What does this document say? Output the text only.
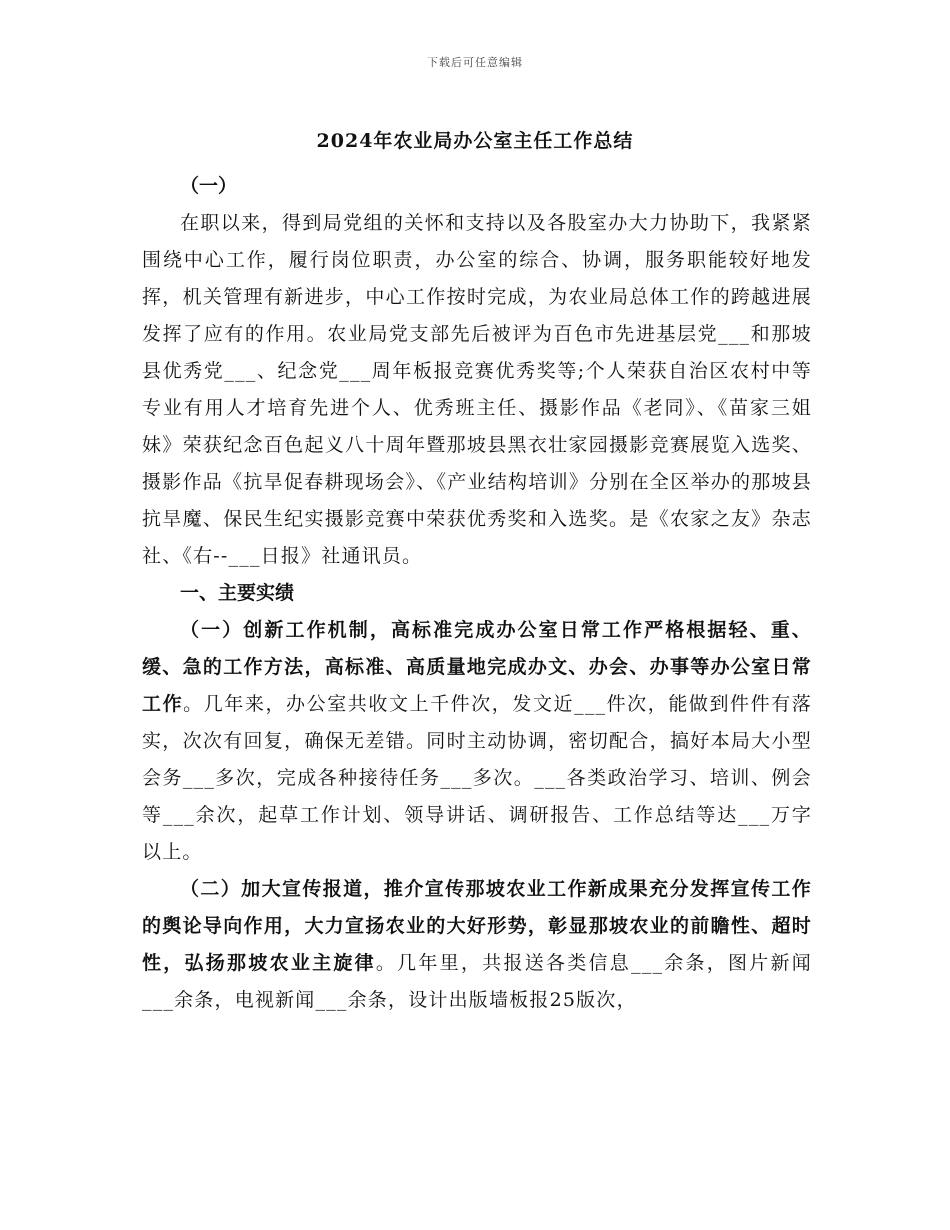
下载后可任意编辑
2024年农业局办公室主任工作总结

（一）

在职以来，得到局党组的关怀和支持以及各股室办大力协助下，我紧紧围绕中心工作，履行岗位职责，办公室的综合、协调，服务职能较好地发挥，机关管理有新进步，中心工作按时完成，为农业局总体工作的跨越进展发挥了应有的作用。农业局党支部先后被评为百色市先进基层党___和那坡县优秀党___、纪念党___周年板报竞赛优秀奖等;个人荣获自治区农村中等专业有用人才培育先进个人、优秀班主任、摄影作品《老同》、《苗家三姐妹》荣获纪念百色起义八十周年暨那坡县黑衣壮家园摄影竞赛展览入选奖、摄影作品《抗旱促春耕现场会》、《产业结构培训》分别在全区举办的那坡县抗旱魔、保民生纪实摄影竞赛中荣获优秀奖和入选奖。是《农家之友》杂志社、《右--___日报》社通讯员。

一、主要实绩

（一）创新工作机制，高标准完成办公室日常工作严格根据轻、重、缓、急的工作方法，高标准、高质量地完成办文、办会、办事等办公室日常工作。几年来，办公室共收文上千件次，发文近___件次，能做到件件有落实，次次有回复，确保无差错。同时主动协调，密切配合，搞好本局大小型会务___多次，完成各种接待任务___多次。___各类政治学习、培训、例会等___余次，起草工作计划、领导讲话、调研报告、工作总结等达___万字以上。

（二）加大宣传报道，推介宣传那坡农业工作新成果充分发挥宣传工作的舆论导向作用，大力宣扬农业的大好形势，彰显那坡农业的前瞻性、超时性，弘扬那坡农业主旋律。几年里，共报送各类信息___余条，图片新闻___余条，电视新闻___余条，设计出版墙板报25版次，
